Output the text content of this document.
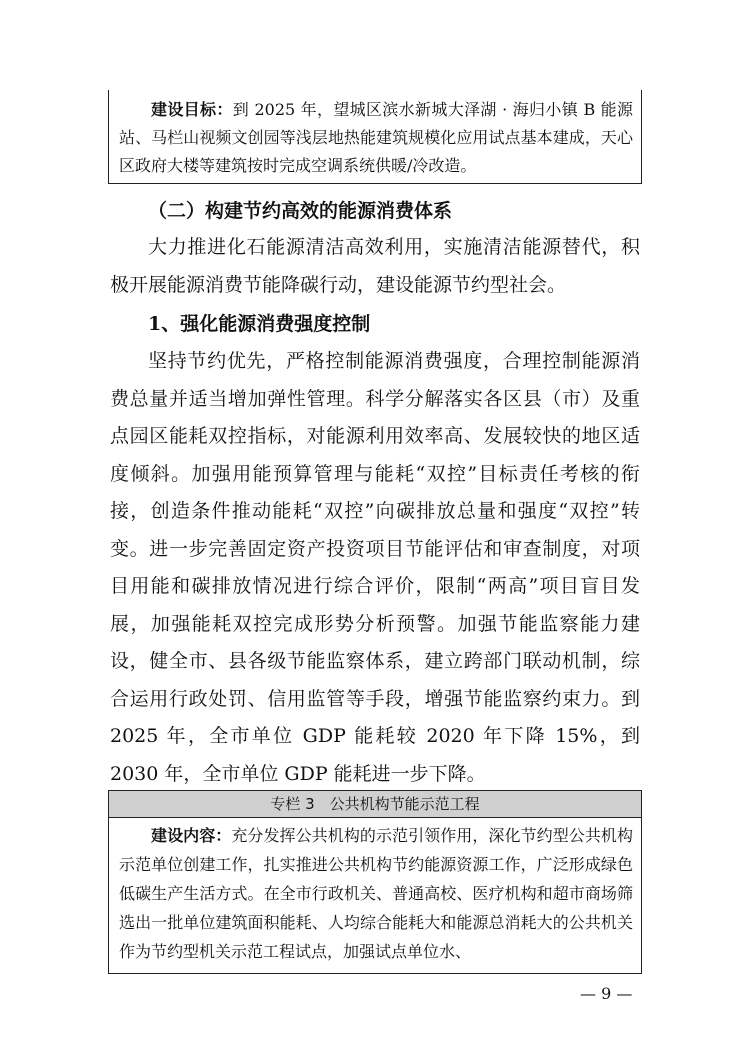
建设目标：到 2025 年，望城区滨水新城大泽湖 · 海归小镇 B 能源站、马栏山视频文创园等浅层地热能建筑规模化应用试点基本建成，天心区政府大楼等建筑按时完成空调系统供暖/冷改造。
（二）构建节约高效的能源消费体系
大力推进化石能源清洁高效利用，实施清洁能源替代，积极开展能源消费节能降碳行动，建设能源节约型社会。
1、强化能源消费强度控制
坚持节约优先，严格控制能源消费强度，合理控制能源消费总量并适当增加弹性管理。科学分解落实各区县（市）及重点园区能耗双控指标，对能源利用效率高、发展较快的地区适度倾斜。加强用能预算管理与能耗“双控”目标责任考核的衔接，创造条件推动能耗“双控”向碳排放总量和强度“双控”转变。进一步完善固定资产投资项目节能评估和审查制度，对项目用能和碳排放情况进行综合评价，限制“两高”项目盲目发展，加强能耗双控完成形势分析预警。加强节能监察能力建设，健全市、县各级节能监察体系，建立跨部门联动机制，综合运用行政处罚、信用监管等手段，增强节能监察约束力。到 2025 年，全市单位 GDP 能耗较 2020 年下降 15%，到 2030 年，全市单位 GDP 能耗进一步下降。
专栏 3　公共机构节能示范工程
建设内容：充分发挥公共机构的示范引领作用，深化节约型公共机构示范单位创建工作，扎实推进公共机构节约能源资源工作，广泛形成绿色低碳生产生活方式。在全市行政机关、普通高校、医疗机构和超市商场筛选出一批单位建筑面积能耗、人均综合能耗大和能源总消耗大的公共机关作为节约型机关示范工程试点，加强试点单位水、
— 9 —
